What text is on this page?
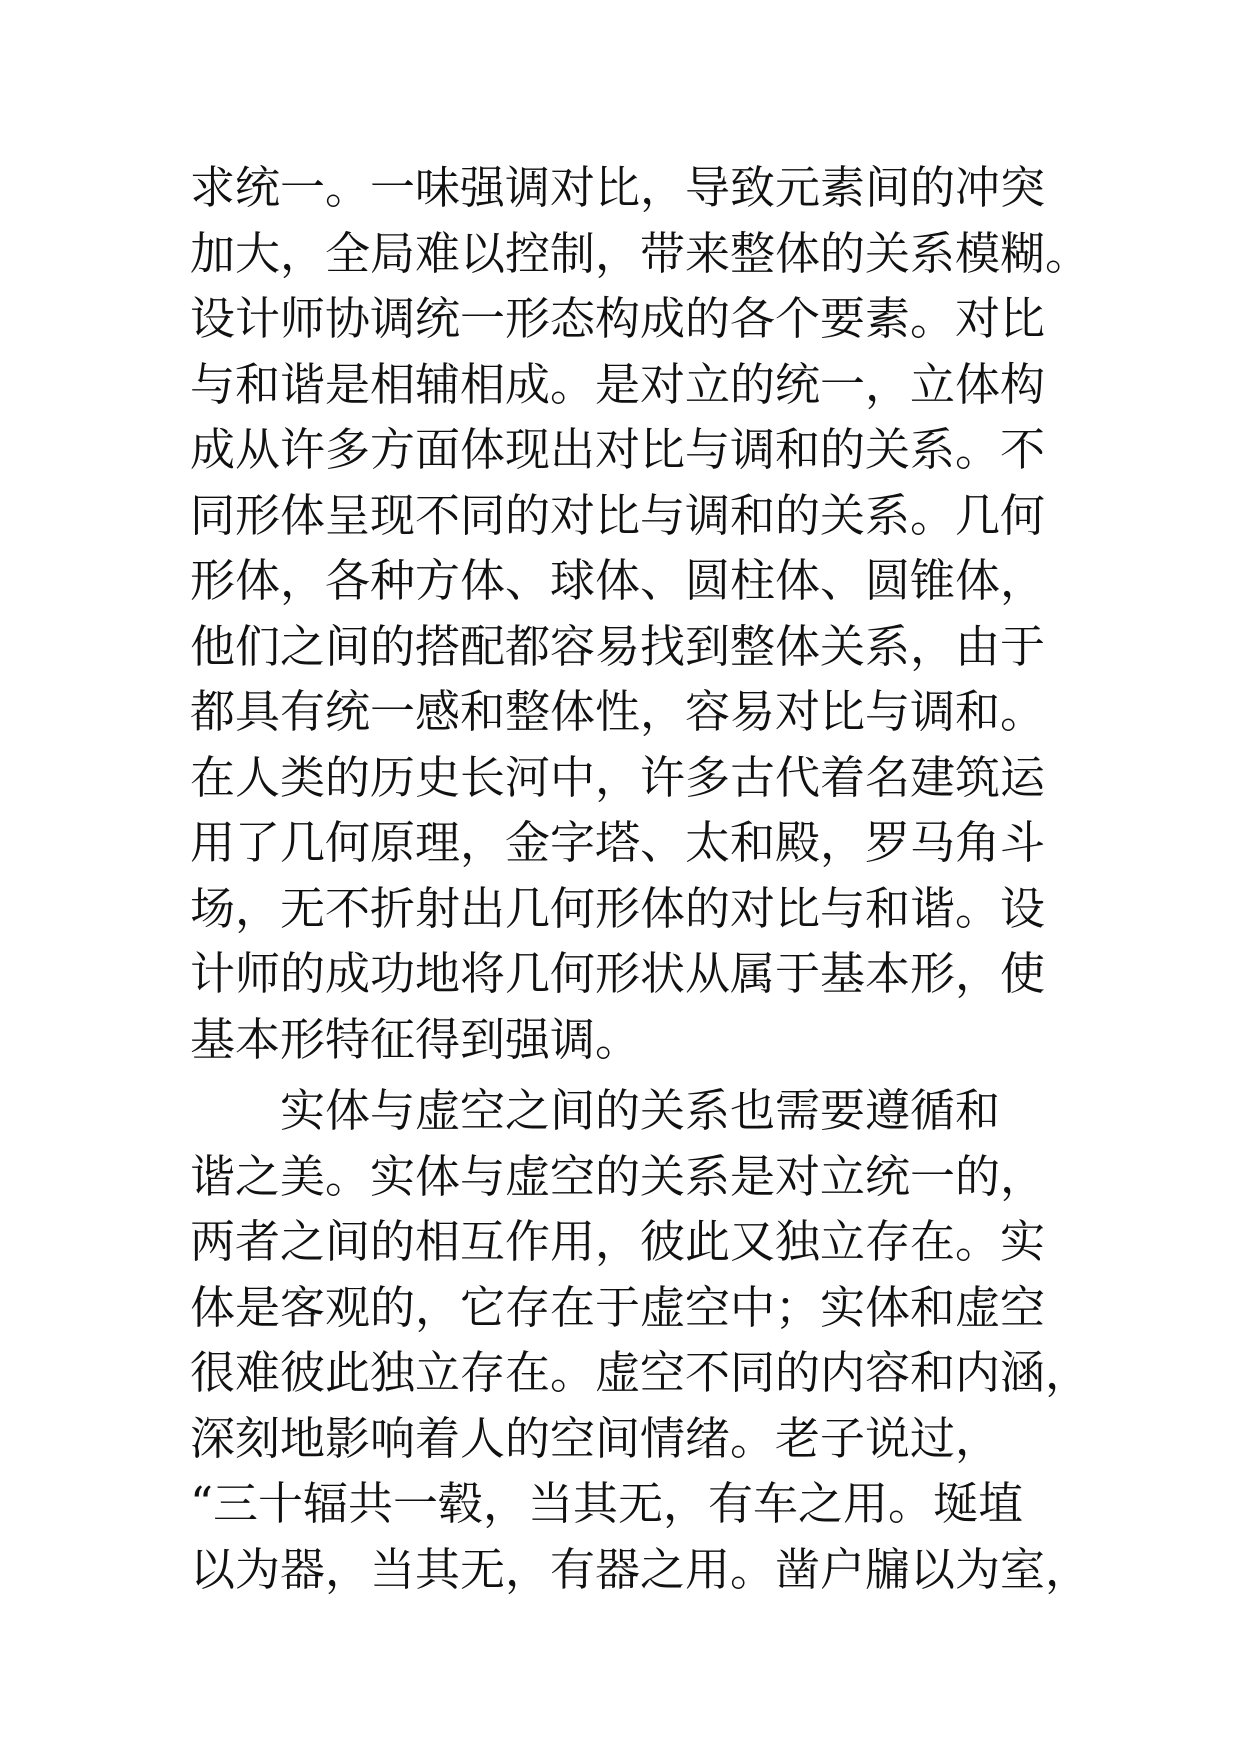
求统一。一味强调对比，导致元素间的冲突
加大，全局难以控制，带来整体的关系模糊。
设计师协调统一形态构成的各个要素。对比
与和谐是相辅相成。是对立的统一，立体构
成从许多方面体现出对比与调和的关系。不
同形体呈现不同的对比与调和的关系。几何
形体，各种方体、球体、圆柱体、圆锥体，
他们之间的搭配都容易找到整体关系，由于
都具有统一感和整体性，容易对比与调和。
在人类的历史长河中，许多古代着名建筑运
用了几何原理，金字塔、太和殿，罗马角斗
场，无不折射出几何形体的对比与和谐。设
计师的成功地将几何形状从属于基本形，使
基本形特征得到强调。
实体与虚空之间的关系也需要遵循和
谐之美。实体与虚空的关系是对立统一的，
两者之间的相互作用，彼此又独立存在。实
体是客观的，它存在于虚空中；实体和虚空
很难彼此独立存在。虚空不同的内容和内涵，
深刻地影响着人的空间情绪。老子说过，
“三十辐共一毂，当其无，有车之用。埏埴
以为器，当其无，有器之用。凿户牖以为室，
